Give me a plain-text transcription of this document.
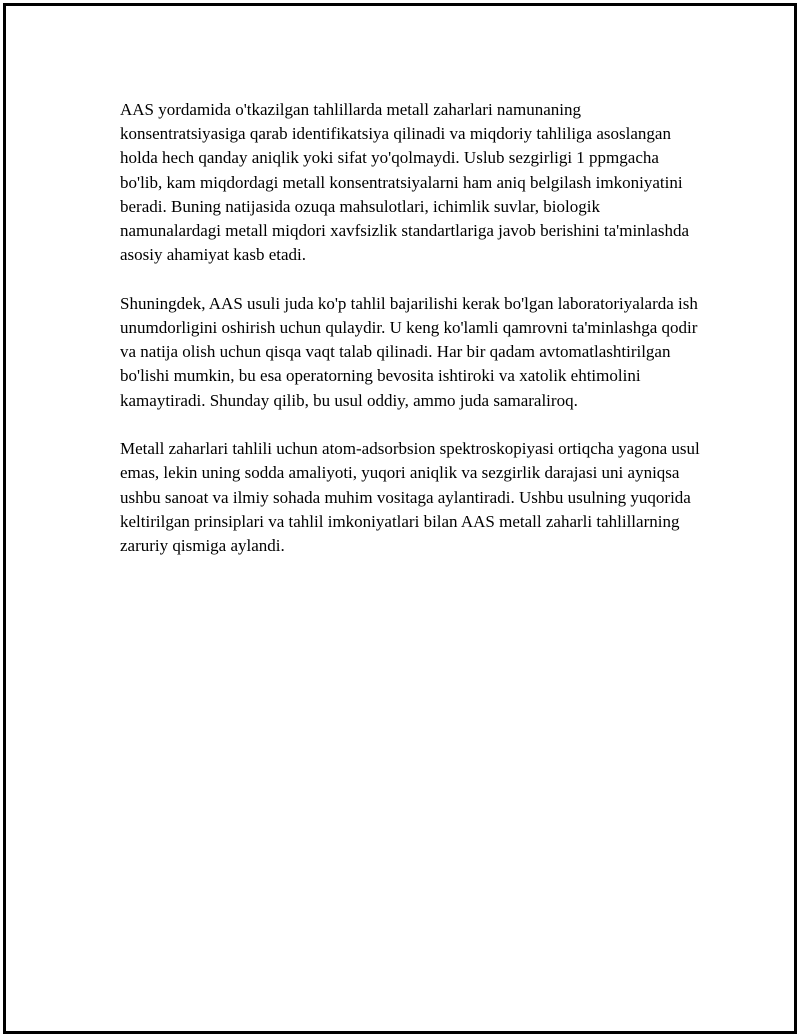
AAS yordamida o'tkazilgan tahlillarda metall zaharlari namunaning konsentratsiyasiga qarab identifikatsiya qilinadi va miqdoriy tahliliga asoslangan holda hech qanday aniqlik yoki sifat yo'qolmaydi. Uslub sezgirligi 1 ppmgacha bo'lib, kam miqdordagi metall konsentratsiyalarni ham aniq belgilash imkoniyatini beradi. Buning natijasida ozuqa mahsulotlari, ichimlik suvlar, biologik namunalardagi metall miqdori xavfsizlik standartlariga javob berishini ta'minlashda asosiy ahamiyat kasb etadi.

Shuningdek, AAS usuli juda ko'p tahlil bajarilishi kerak bo'lgan laboratoriyalarda ish unumdorligini oshirish uchun qulaydir. U keng ko'lamli qamrovni ta'minlashga qodir va natija olish uchun qisqa vaqt talab qilinadi. Har bir qadam avtomatlashtirilgan bo'lishi mumkin, bu esa operatorning bevosita ishtiroki va xatolik ehtimolini kamaytiradi. Shunday qilib, bu usul oddiy, ammo juda samaraliroq.

Metall zaharlari tahlili uchun atom-adsorbsion spektroskopiyasi ortiqcha yagona usul emas, lekin uning sodda amaliyoti, yuqori aniqlik va sezgirlik darajasi uni ayniqsa ushbu sanoat va ilmiy sohada muhim vositaga aylantiradi. Ushbu usulning yuqorida keltirilgan prinsiplari va tahlil imkoniyatlari bilan AAS metall zaharli tahlillarning zaruriy qismiga aylandi.
